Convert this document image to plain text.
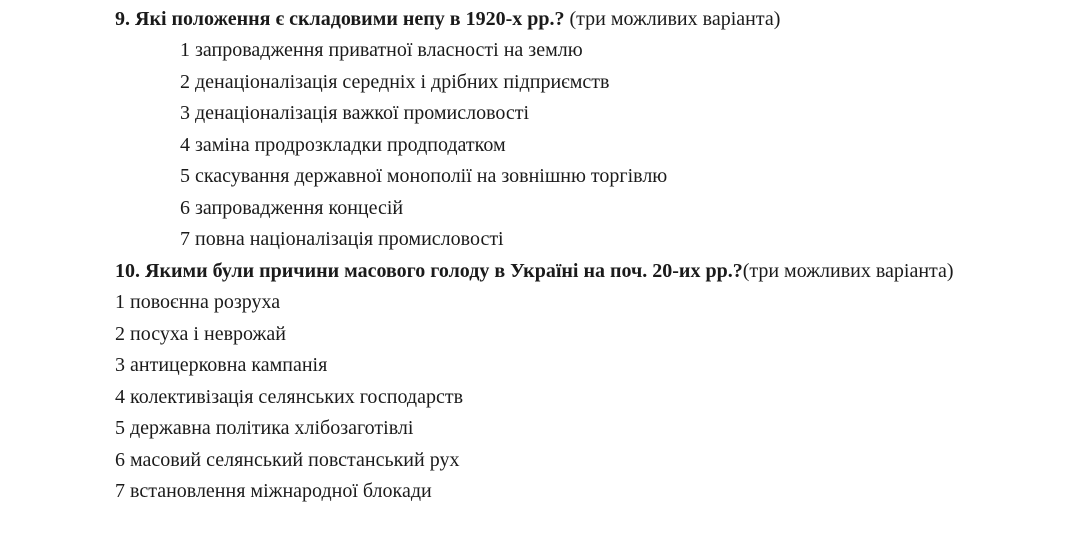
9. Які положення є складовими непу в 1920-х рр.? (три можливих варіанта)
1 запровадження приватної власності на землю
2 денаціоналізація середніх і дрібних підприємств
3 денаціоналізація важкої промисловості
4 заміна продрозкладки продподатком
5 скасування державної монополії на зовнішню торгівлю
6 запровадження концесій
7 повна націоналізація промисловості
10. Якими були причини масового голоду в Україні на поч. 20-их рр.?(три можливих варіанта)
1 повоєнна розруха
2 посуха і неврожай
3 антицерковна кампанія
4 колективізація селянських господарств
5 державна політика хлібозаготівлі
6 масовий селянський повстанський рух
7 встановлення міжнародної блокади
